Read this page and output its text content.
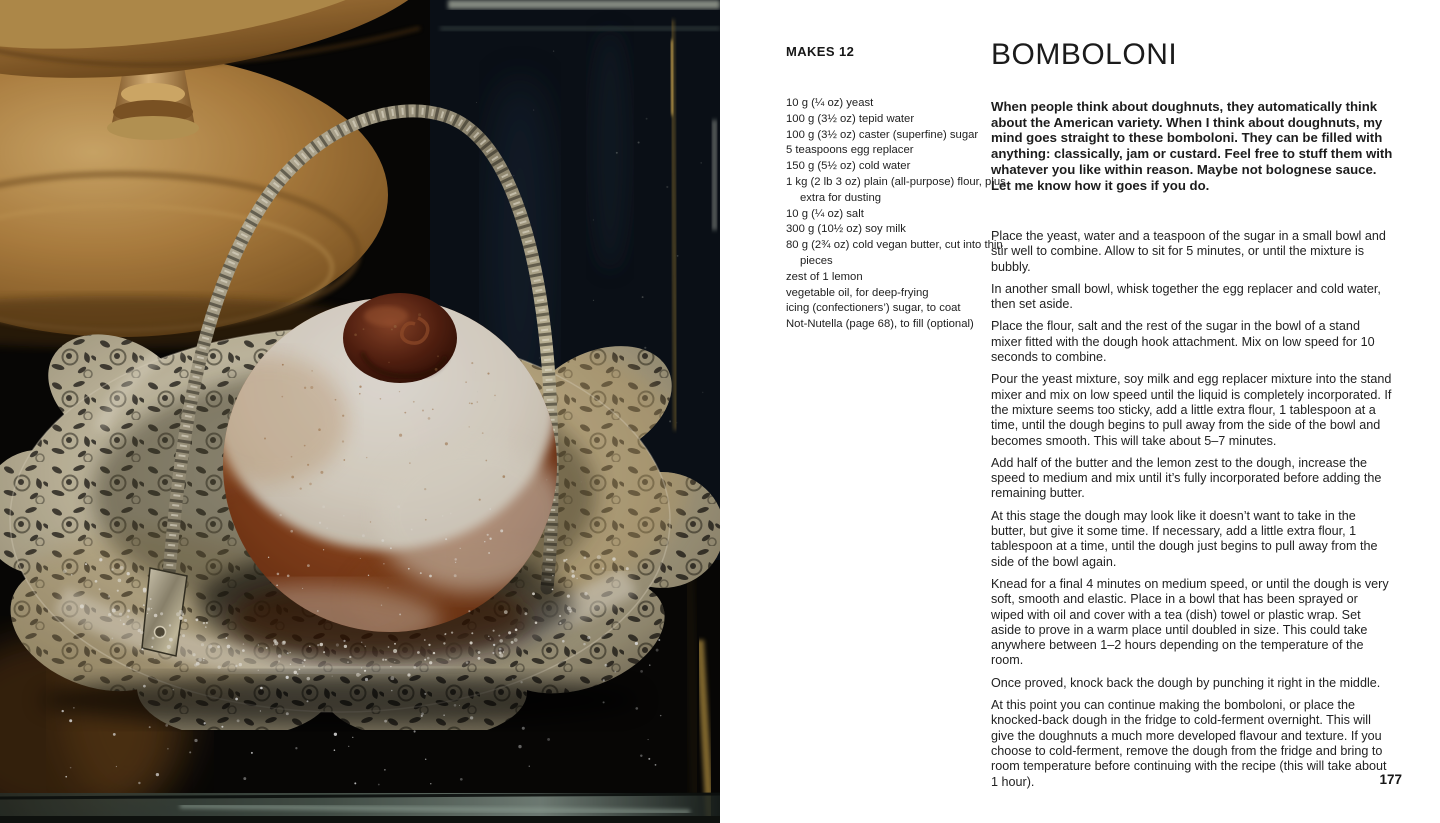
MAKES 12
10 g (¼ oz) yeast
100 g (3½ oz) tepid water
100 g (3½ oz) caster (superfine) sugar
5 teaspoons egg replacer
150 g (5½ oz) cold water
1 kg (2 lb 3 oz) plain (all-purpose) flour, plus extra for dusting
10 g (¼ oz) salt
300 g (10½ oz) soy milk
80 g (2¾ oz) cold vegan butter, cut into thin pieces
zest of 1 lemon
vegetable oil, for deep-frying
icing (confectioners’) sugar, to coat
Not-Nutella (page 68), to fill (optional)
BOMBOLONI

When people think about doughnuts, they automatically think about the American variety. When I think about doughnuts, my mind goes straight to these bomboloni. They can be filled with anything: classically, jam or custard. Feel free to stuff them with whatever you like within reason. Maybe not bolognese sauce. Let me know how it goes if you do.

Place the yeast, water and a teaspoon of the sugar in a small bowl and stir well to combine. Allow to sit for 5 minutes, or until the mixture is bubbly.

In another small bowl, whisk together the egg replacer and cold water, then set aside.

Place the flour, salt and the rest of the sugar in the bowl of a stand mixer fitted with the dough hook attachment. Mix on low speed for 10 seconds to combine.

Pour the yeast mixture, soy milk and egg replacer mixture into the stand mixer and mix on low speed until the liquid is completely incorporated. If the mixture seems too sticky, add a little extra flour, 1 tablespoon at a time, until the dough begins to pull away from the side of the bowl and becomes smooth. This will take about 5–7 minutes.

Add half of the butter and the lemon zest to the dough, increase the speed to medium and mix until it’s fully incorporated before adding the remaining butter.

At this stage the dough may look like it doesn’t want to take in the butter, but give it some time. If necessary, add a little extra flour, 1 tablespoon at a time, until the dough just begins to pull away from the side of the bowl again.

Knead for a final 4 minutes on medium speed, or until the dough is very soft, smooth and elastic. Place in a bowl that has been sprayed or wiped with oil and cover with a tea (dish) towel or plastic wrap. Set aside to prove in a warm place until doubled in size. This could take anywhere between 1–2 hours depending on the temperature of the room.

Once proved, knock back the dough by punching it right in the middle.

At this point you can continue making the bomboloni, or place the knocked-back dough in the fridge to cold-ferment overnight. This will give the doughnuts a much more developed flavour and texture. If you choose to cold-ferment, remove the dough from the fridge and bring to room temperature before continuing with the recipe (this will take about 1 hour).	177
